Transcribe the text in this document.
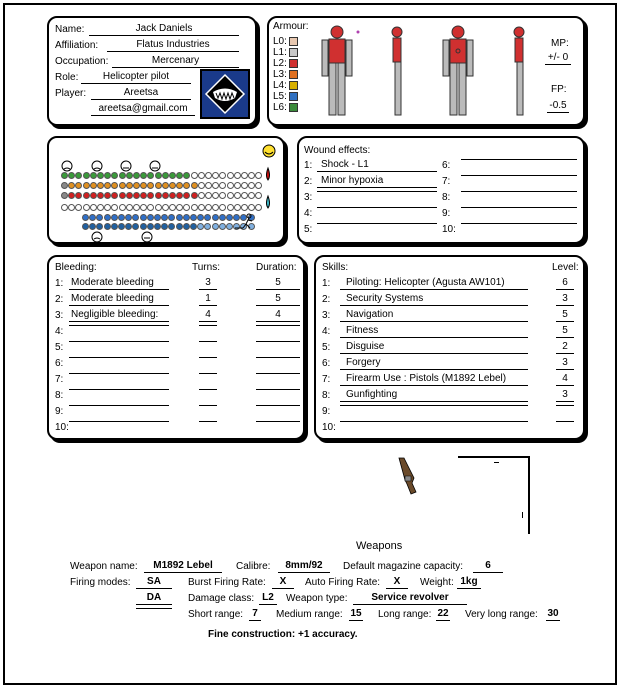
Name:	Jack Daniels
Affiliation:	Flatus Industries
Occupation:	Mercenary
Role:	Helicopter pilot
Player:	Areetsa
areetsa@gmail.com
Armour:
L0:
L1:
L2:
L3:
L4:
L5:
L6:
MP:
+/- 0
FP:
-0.5
Wound effects:
1: Shock - L1	6:
2: Minor hypoxia	7:
3:	8:
4:	9:
5:	10:
Bleeding:	Turns:	Duration:
1: Moderate bleeding	3	5
2: Moderate bleeding	1	5
3: Negligible bleeding:	4	4
4:
5:
6:
7:
8:
9:
10:
Skills:	Level:
1:	Piloting: Helicopter (Agusta AW101)	6
2:	Security Systems	3
3:	Navigation	5
4:	Fitness	5
5:	Disguise	2
6:	Forgery	3
7:	Firearm Use : Pistols (M1892 Lebel)	4
8:	Gunfighting	3
9:
10:
Weapons
Weapon name:	M1892 Lebel	Calibre:	8mm/92	Default magazine capacity:	6
Firing modes:	SA	Burst Firing Rate:	X	Auto Firing Rate:	X	Weight: 1kg
DA	Damage class: L2	Weapon type:	Service revolver
Short range: 7	Medium range: 15 Long range: 22 Very long range: 30
Fine construction: +1 accuracy.
